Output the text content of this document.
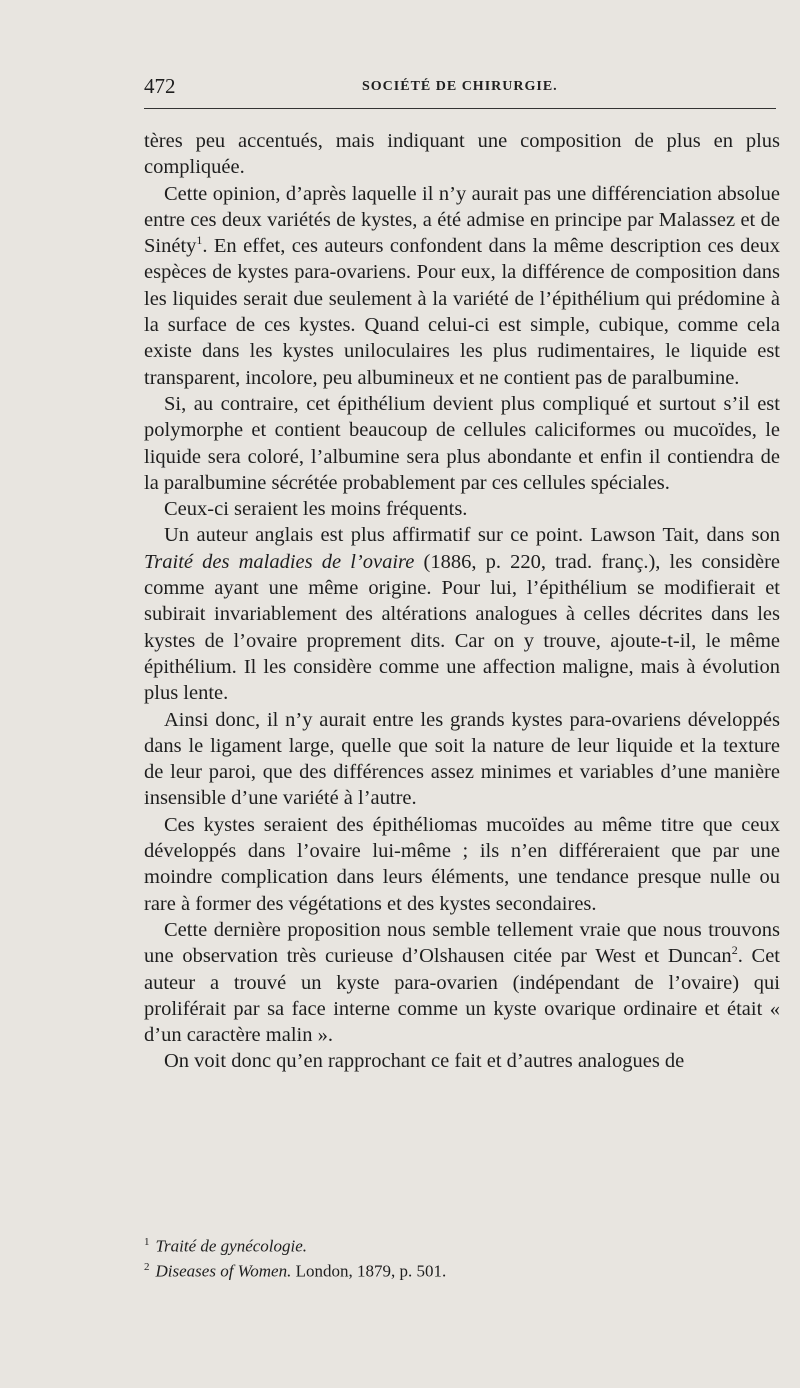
472	SOCIÉTÉ DE CHIRURGIE.

tères peu accentués, mais indiquant une composition de plus en plus compliquée.

Cette opinion, d’après laquelle il n’y aurait pas une différenciation absolue entre ces deux variétés de kystes, a été admise en principe par Malassez et de Sinéty$^1$. En effet, ces auteurs confondent dans la même description ces deux espèces de kystes para-ovariens. Pour eux, la différence de composition dans les liquides serait due seulement à la variété de l’épithélium qui prédomine à la surface de ces kystes. Quand celui-ci est simple, cubique, comme cela existe dans les kystes uniloculaires les plus rudimentaires, le liquide est transparent, incolore, peu albumineux et ne contient pas de paralbumine.

Si, au contraire, cet épithélium devient plus compliqué et surtout s’il est polymorphe et contient beaucoup de cellules caliciformes ou mucoïdes, le liquide sera coloré, l’albumine sera plus abondante et enfin il contiendra de la paralbumine sécrétée probablement par ces cellules spéciales.

Ceux-ci seraient les moins fréquents.

Un auteur anglais est plus affirmatif sur ce point. Lawson Tait, dans son Traité des maladies de l’ovaire (1886, p. 220, trad. franç.), les considère comme ayant une même origine. Pour lui, l’épithélium se modifierait et subirait invariablement des altérations analogues à celles décrites dans les kystes de l’ovaire proprement dits. Car on y trouve, ajoute-t-il, le même épithélium. Il les considère comme une affection maligne, mais à évolution plus lente.

Ainsi donc, il n’y aurait entre les grands kystes para-ovariens développés dans le ligament large, quelle que soit la nature de leur liquide et la texture de leur paroi, que des différences assez minimes et variables d’une manière insensible d’une variété à l’autre.

Ces kystes seraient des épithéliomas mucoïdes au même titre que ceux développés dans l’ovaire lui-même ; ils n’en différeraient que par une moindre complication dans leurs éléments, une tendance presque nulle ou rare à former des végétations et des kystes secondaires.

Cette dernière proposition nous semble tellement vraie que nous trouvons une observation très curieuse d’Olshausen citée par West et Duncan$^2$. Cet auteur a trouvé un kyste para-ovarien (indépendant de l’ovaire) qui proliférait par sa face interne comme un kyste ovarique ordinaire et était « d’un caractère malin ».

On voit donc qu’en rapprochant ce fait et d’autres analogues de

$^1$ Traité de gynécologie.
$^2$ Diseases of Women. London, 1879, p. 501.
